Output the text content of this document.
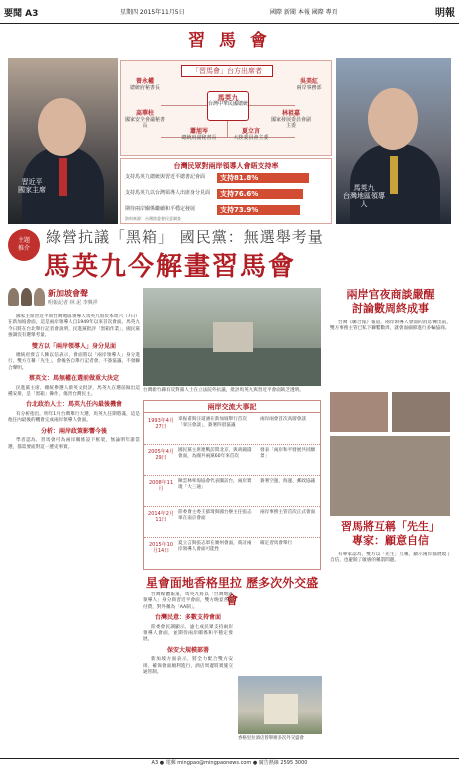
要聞 A3	星期四 2015年11月5日	國際 新聞 本報 國際 專頁	明報
習 馬 會
習近平
國家主席
「習馬會」台方出席者
馬英九
台灣中華民國總統
曾永權
總統府秘書長
高華柱
國家安全會議秘書長
蕭旭岑
總統府副秘書長
夏立言
大陸委員會主委
林祖嘉
國家發展委員會副主委
吳美紅
兩岸事務部
台灣民眾對兩岸領導人會晤支持率
支持馬英九總統與習近平總書記會面	支持81.8%
支持馬英九以台灣領導人出席身分見面	支持76.6%
期待兩岸關係繼續和平穩定發展	支持73.9%
資料來源：台灣陸委會民意調查
馬英九
台灣地區領導人
主題
推介
綠營抗議「黑箱」 國民黨：無選舉考量
馬英九今解畫習馬會
新加坡會聲
明報記者 林 泥 李興祥

國家主席習近平與台灣地區領導人馬英九將於本周六（7日）在新加坡會面，這是兩岸領導人自1949年以來首次會面。馬英九今日將在台北舉行記者會說明，民進黨批評「黑箱作業」，國民黨強調沒有選舉考量。

雙方以「兩岸領導人」身分見面

總統府發言人陳以信表示，會面將以「兩岸領導人」身分進行，雙方互稱「先生」，會後各自舉行記者會，不簽協議、不發聯合聲明。

蔡英文：馬無權在選前做重大決定

民進黨主席、總統參選人蔡英文批評，馬英九在選前做出這種安排，是「黑箱」操作，傷害台灣民主。

台北政治人士：馬英九任內最後機會

有分析指出，明年1月台灣舉行大選，馬英九任期將滿，這是他任內最後的機會完成兩岸領導人會面。

分析：兩岸政策影響今後

學者認為，習馬會可為兩岸關係設下框架，無論明年誰當選，都需要面對這一歷史事實。

台灣新竹縣有反對黨人士在立法院外抗議，批評馬英九與習近平會面缺乏透明。
兩岸交流大事記
1993年4月27日
辜振甫與汪道涵在新加坡舉行首次「辜汪會談」，簽署四項協議
兩岸兩會首次高層會談
2005年4月29日
國民黨主席連戰訪問北京，與胡錦濤會面，為國共兩黨60年來首次
發表「兩岸和平發展共同願景」
2008年11月
陳雲林率海協會代表團訪台，兩岸實現「大三通」
簽署空運、海運、郵政協議
2014年2月11日
陸委會主委王郁琦與國台辦主任張志軍在南京會面
兩岸事務主管首次正式會面
2015年10月14日
夏立言與張志軍在廣州會面，商討兩岸領導人會面可能性
確定習馬會舉行
星會面地香格里拉 歷多次外交盛會

台灣媒體報道，馬英九將以「台灣地區領導人」身分與習近平會面，雙方晚宴各自付費，對外稱為「AA制」。

台灣民意：多數支持會面

陸委會民調顯示，逾七成民眾支持兩岸領導人會面，並期待兩岸關係和平穩定發展。

保安大規模部署

新加坡方面表示，將全力配合雙方安排，確保會面順利進行，酒店周邊將實施交通管制。

香格里拉酒店曾舉辦多次外交盛會
兩岸官夜商談嚴醒
討論數周終成事

台灣《聯合報》報道，兩岸領導人會面的消息傳出前，雙方事務主管已私下聯繫數周，就會面細節進行多輪協商。

習馬將互稱「先生」
專家：顧意自信

有專家認為，雙方以「先生」互稱，顯示兩岸都展現了自信，也避開了敏感的稱謂問題。

A3 ● 電郵 mingpao@mingpaonews.com ● 廣告熱線 2595 3000
